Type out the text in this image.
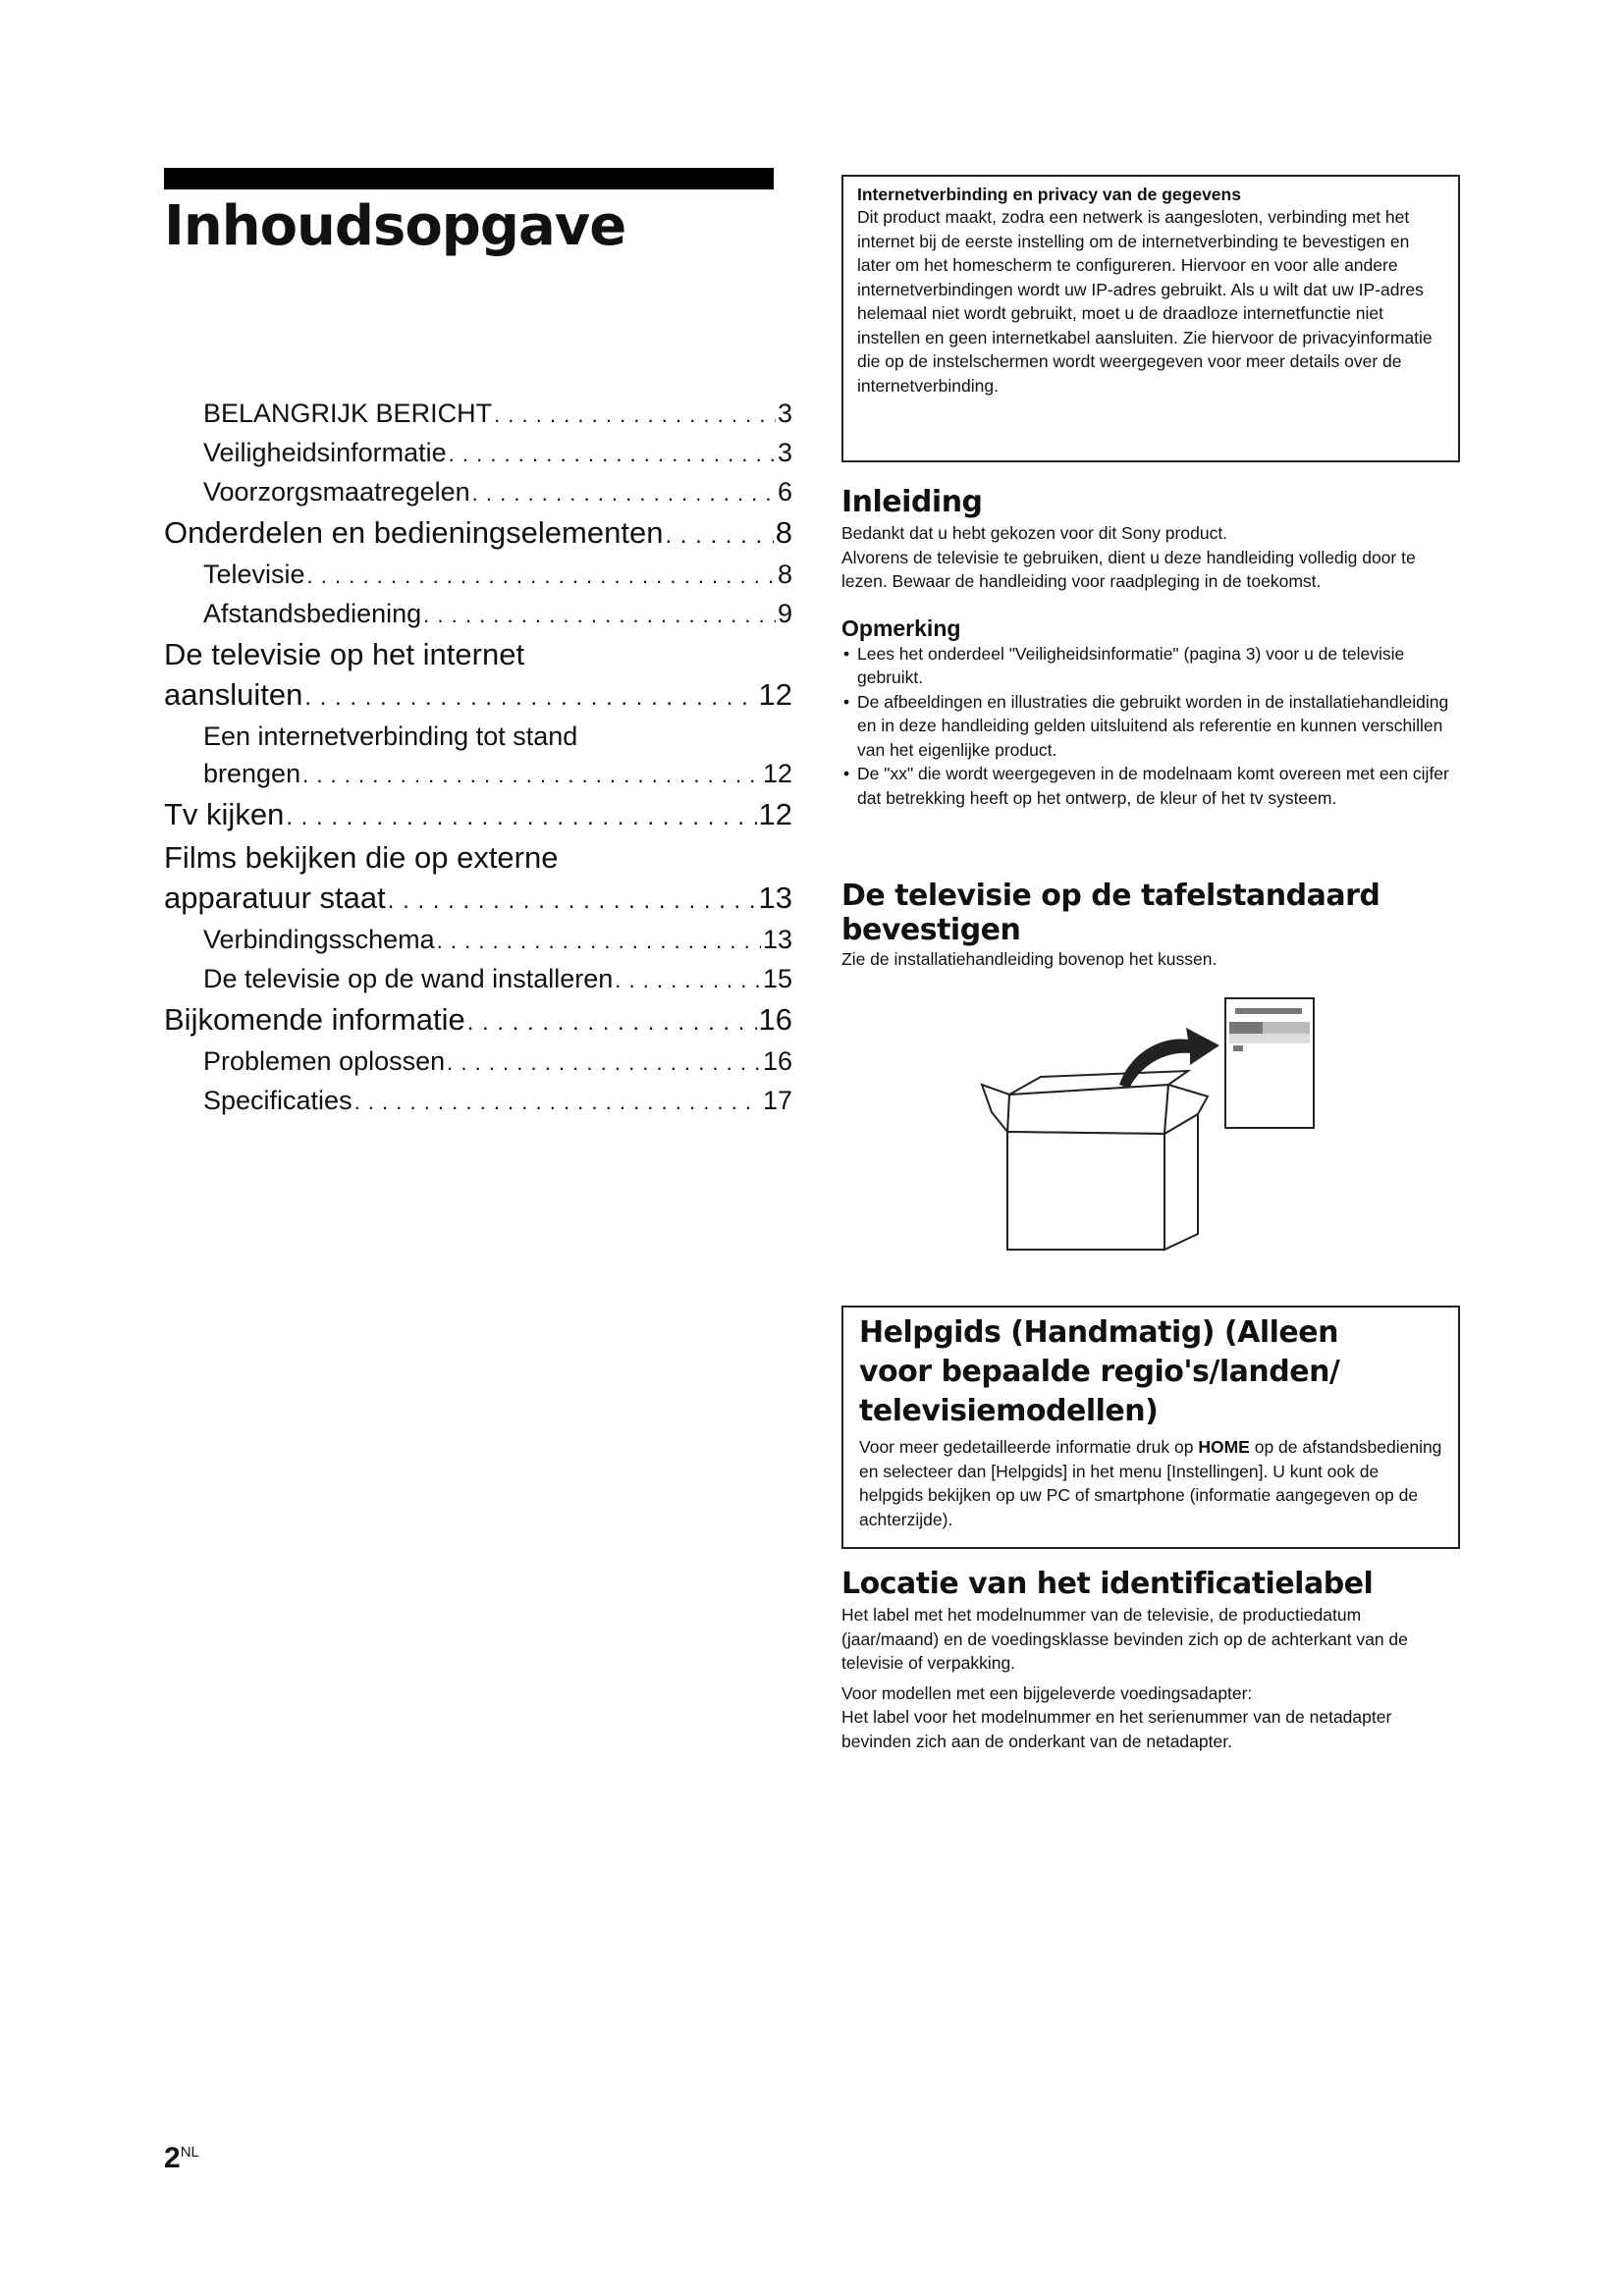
Inhoudsopgave
BELANGRIJK BERICHT . . .	3
Veiligheidsinformatie . . .	3
Voorzorgsmaatregelen . . .	6
Onderdelen en bedieningselementen . . .	8
Televisie . . .	8
Afstandsbediening . . .	9
De televisie op het internet
aansluiten . . .	12
Een internetverbinding tot stand
brengen . . .	12
Tv kijken . . .	12
Films bekijken die op externe
apparatuur staat . . .	13
Verbindingsschema . . .	13
De televisie op de wand installeren . . .	15
Bijkomende informatie . . .	16
Problemen oplossen . . .	16
Specificaties . . .	17
Internetverbinding en privacy van de gegevens
Dit product maakt, zodra een netwerk is aangesloten, verbinding met het internet bij de eerste instelling om de internetverbinding te bevestigen en later om het homescherm te configureren. Hiervoor en voor alle andere internetverbindingen wordt uw IP-adres gebruikt. Als u wilt dat uw IP-adres helemaal niet wordt gebruikt, moet u de draadloze internetfunctie niet instellen en geen internetkabel aansluiten. Zie hiervoor de privacyinformatie die op de instelschermen wordt weergegeven voor meer details over de internetverbinding.
Inleiding

Bedankt dat u hebt gekozen voor dit Sony product.

Alvorens de televisie te gebruiken, dient u deze handleiding volledig door te lezen. Bewaar de handleiding voor raadpleging in de toekomst.

Opmerking
• Lees het onderdeel "Veiligheidsinformatie" (pagina 3) voor u de televisie gebruikt.
• De afbeeldingen en illustraties die gebruikt worden in de installatiehandleiding en in deze handleiding gelden uitsluitend als referentie en kunnen verschillen van het eigenlijke product.
• De "xx" die wordt weergegeven in de modelnaam komt overeen met een cijfer dat betrekking heeft op het ontwerp, de kleur of het tv systeem.
De televisie op de tafelstandaard bevestigen

Zie de installatiehandleiding bovenop het kussen.

Helpgids (Handmatig) (Alleen voor bepaalde regio's/landen/ televisiemodellen)

Voor meer gedetailleerde informatie druk op HOME op de afstandsbediening en selecteer dan [Helpgids] in het menu [Instellingen]. U kunt ook de helpgids bekijken op uw PC of smartphone (informatie aangegeven op de achterzijde).

Locatie van het identificatielabel

Het label met het modelnummer van de televisie, de productiedatum (jaar/maand) en de voedingsklasse bevinden zich op de achterkant van de televisie of verpakking.

Voor modellen met een bijgeleverde voedingsadapter:

Het label voor het modelnummer en het serienummer van de netadapter bevinden zich aan de onderkant van de netadapter.

$2^{NL}$
